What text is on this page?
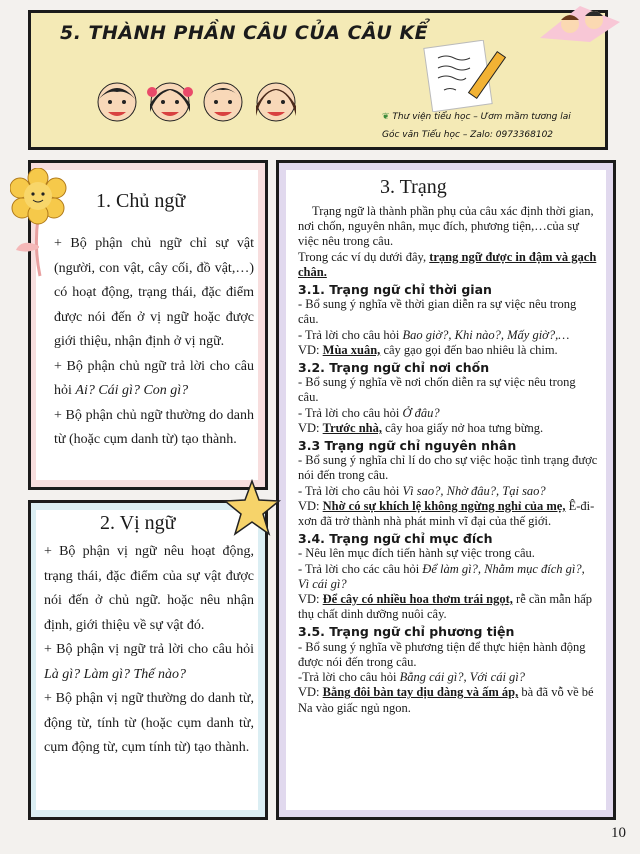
5. THÀNH PHẦN CÂU CỦA CÂU KỂ
❦ Thư viện tiểu học – Ươm mầm tương lai
Góc văn Tiểu học – Zalo: 0973368102
1. Chủ ngữ
2. Vị ngữ
3. Trạng

+ Bộ phận chủ ngữ chỉ sự vật (người, con vật, cây cối, đồ vật,…) có hoạt động, trạng thái, đặc điểm được nói đến ở vị ngữ hoặc được giới thiệu, nhận định ở vị ngữ.

+ Bộ phận chủ ngữ trả lời cho câu hỏi Ai? Cái gì? Con gì?

+ Bộ phận chủ ngữ thường do danh từ (hoặc cụm danh từ) tạo thành.

+ Bộ phận vị ngữ nêu hoạt động, trạng thái, đặc điểm của sự vật được nói đến ở chủ ngữ. hoặc nêu nhận định, giới thiệu về sự vật đó.

+ Bộ phận vị ngữ trả lời cho câu hỏi Là gì? Làm gì? Thế nào?

+ Bộ phận vị ngữ thường do danh từ, động từ, tính từ (hoặc cụm danh từ, cụm động từ, cụm tính từ) tạo thành.

Trạng ngữ là thành phần phụ của câu xác định thời gian, nơi chốn, nguyên nhân, mục đích, phương tiện,…của sự việc nêu trong câu.

Trong các ví dụ dưới đây, trạng ngữ được in đậm và gạch chân.

3.1. Trạng ngữ chỉ thời gian

- Bổ sung ý nghĩa về thời gian diễn ra sự việc nêu trong câu.

- Trả lời cho câu hỏi Bao giờ?, Khi nào?, Mấy giờ?,…

VD: Mùa xuân, cây gạo gọi đến bao nhiêu là chim.

3.2. Trạng ngữ chỉ nơi chốn

- Bổ sung ý nghĩa về nơi chốn diễn ra sự việc nêu trong câu.

- Trả lời cho câu hỏi Ở đâu?

VD: Trước nhà, cây hoa giấy nở hoa tưng bừng.

3.3 Trạng ngữ chỉ nguyên nhân

- Bổ sung ý nghĩa chỉ lí do cho sự việc hoặc tình trạng được nói đến trong câu.

- Trả lời cho câu hỏi Vì sao?, Nhờ đâu?, Tại sao?

VD: Nhờ có sự khích lệ không ngừng nghỉ của mẹ, Ê-đi-xơn đã trở thành nhà phát minh vĩ đại của thế giới.

3.4. Trạng ngữ chỉ mục đích

- Nêu lên mục đích tiến hành sự việc trong câu.

- Trả lời cho các câu hỏi Để làm gì?, Nhằm mục đích gì?, Vì cái gì?

VD: Để cây có nhiều hoa thơm trái ngọt, rễ cần mẫn hấp thụ chất dinh dưỡng nuôi cây.

3.5. Trạng ngữ chỉ phương tiện

- Bổ sung ý nghĩa về phương tiện để thực hiện hành động được nói đến trong câu.

-Trả lời cho câu hỏi Bằng cái gì?, Với cái gì?

VD: Bằng đôi bàn tay dịu dàng và ấm áp, bà đã vỗ về bé Na vào giấc ngủ ngon.

10
